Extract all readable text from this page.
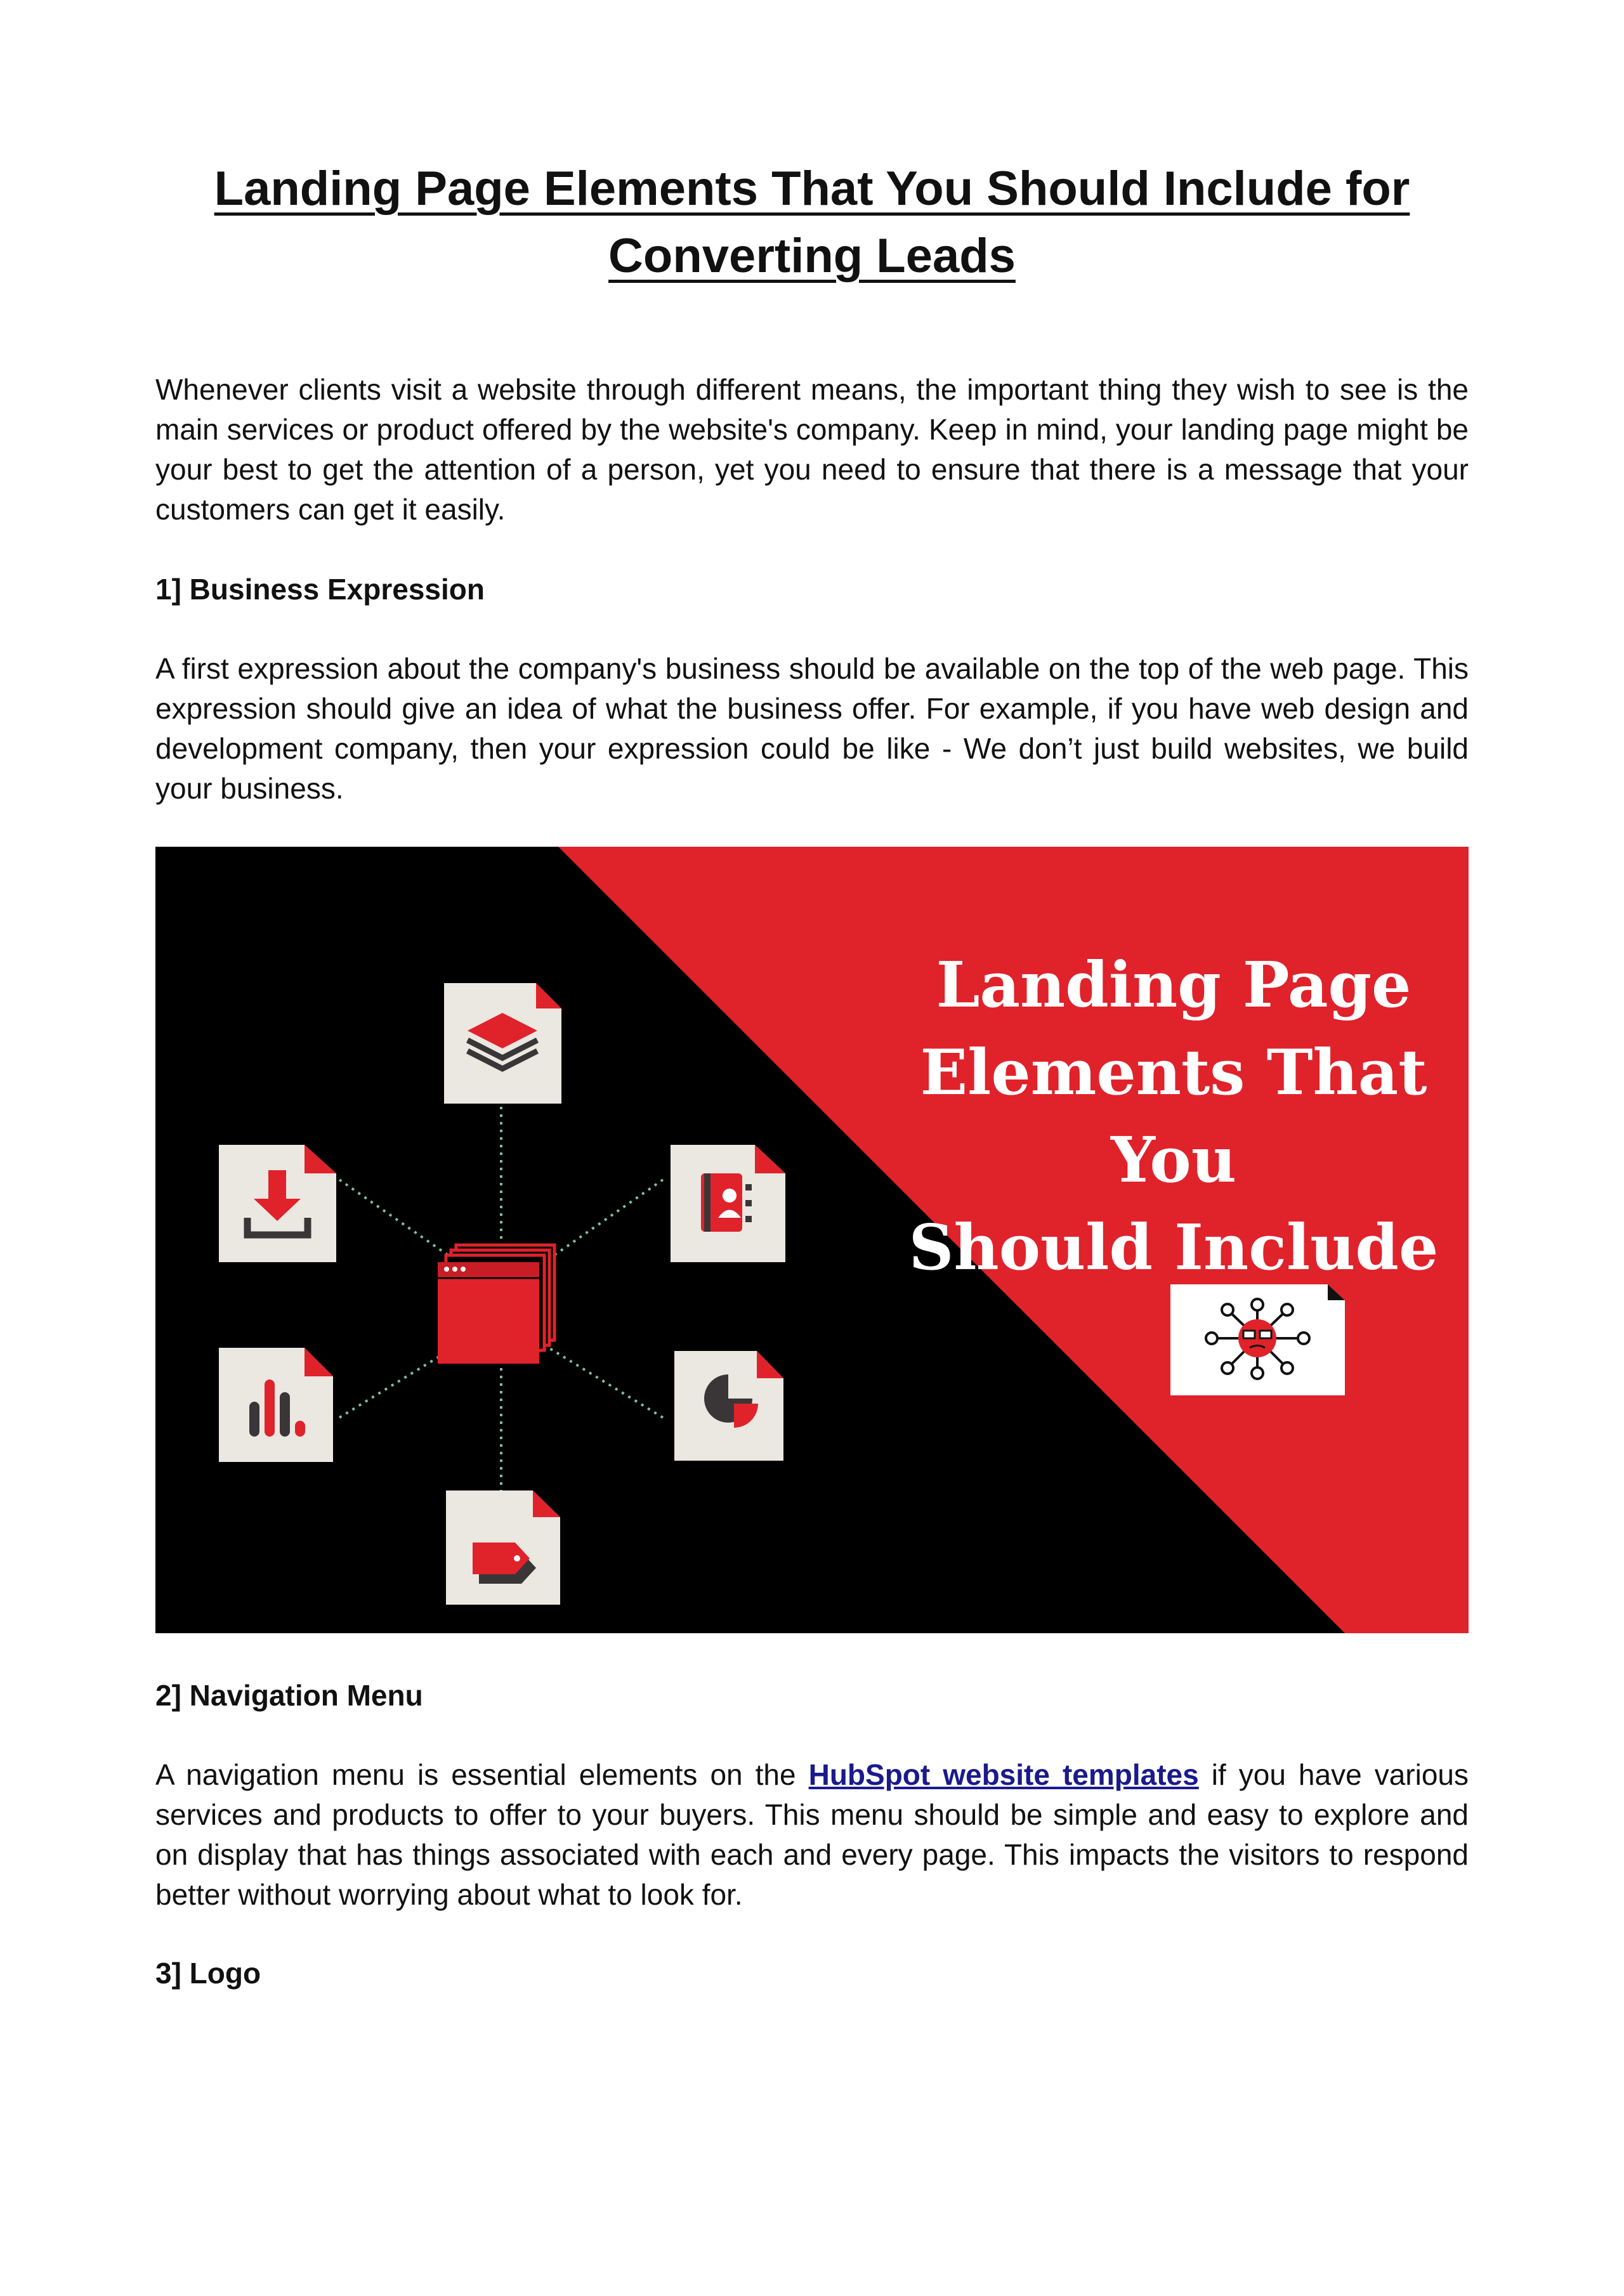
Landing Page Elements That You Should Include for
Converting Leads

Whenever clients visit a website through different means, the important thing they wish to see is the main services or product offered by the website's company. Keep in mind, your landing page might be your best to get the attention of a person, yet you need to ensure that there is a message that your customers can get it easily.

1] Business Expression

A first expression about the company's business should be available on the top of the web page. This expression should give an idea of what the business offer. For example, if you have web design and development company, then your expression could be like - We don’t just build websites, we build your business.

Landing Page
Elements That You
Should Include
2] Navigation Menu

A navigation menu is essential elements on the HubSpot website templates if you have various services and products to offer to your buyers. This menu should be simple and easy to explore and on display that has things associated with each and every page. This impacts the visitors to respond better without worrying about what to look for.

3] Logo
